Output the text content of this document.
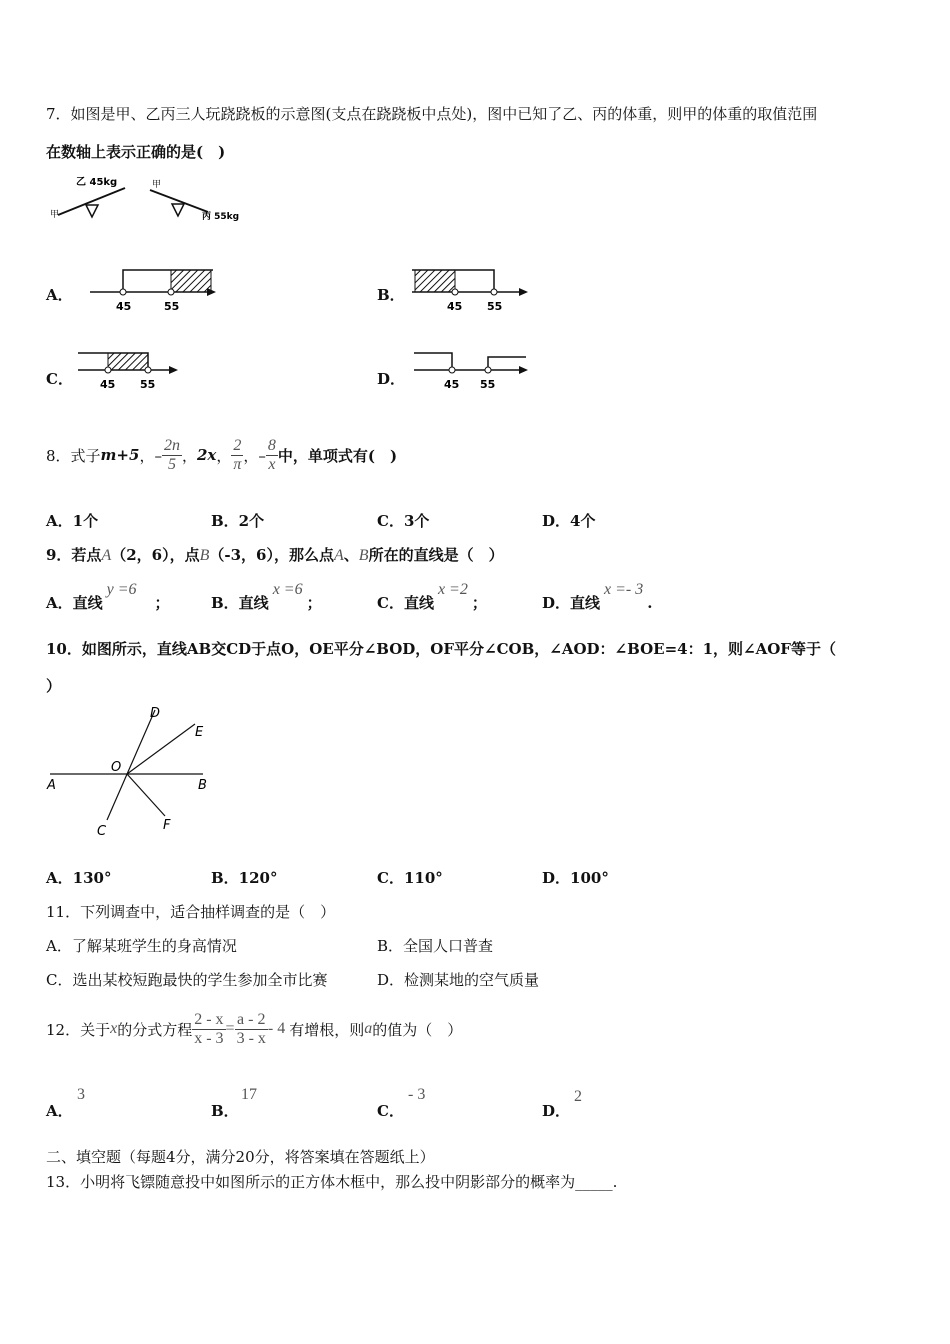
7．如图是甲、乙丙三人玩跷跷板的示意图(支点在跷跷板中点处)，图中已知了乙、丙的体重，则甲的体重的取值范围
在数轴上表示正确的是(　)
甲
乙 45kg	甲
丙 55kg
A．
45	55
B．
45 55
C． 45 55	D．	45 55
8．式子 m+5 ，– $\frac{2n}{5}$ ， 2x ， $\frac{2}{\pi}$ ，– $\frac{8}{x}$ 中，单项式有(　)
A．1个	B．2个	C．3个	D．4个
9．若点A（2，6），点B（-3，6），那么点A、B所在的直线是（　）
A．直线y =6；	B．直线x =6；	C．直线x =2；	D．直线x =- 3.
10．如图所示，直线AB交CD于点O，OE平分∠BOD，OF平分∠COB，∠AOD：∠BOE=4：1，则∠AOF等于（
）
D
E
O
A	B
C	F
A．130°	B．120°	C．110°	D．100°
11．下列调查中，适合抽样调查的是（　）
A．了解某班学生的身高情况	B．全国人口普查
C．选出某校短跑最快的学生参加全市比赛	D．检测某地的空气质量
12．关于 x 的分式方程 $\frac{2 - x}{x - 3} = \frac{a - 2}{3 - x} - 4$ 有增根，则 a 的值为（　）
A．
3
B．
17
C．
- 3
D．
2
二、填空题（每题4分，满分20分，将答案填在答题纸上）
13．小明将飞镖随意投中如图所示的正方体木框中，那么投中阴影部分的概率为_____.
